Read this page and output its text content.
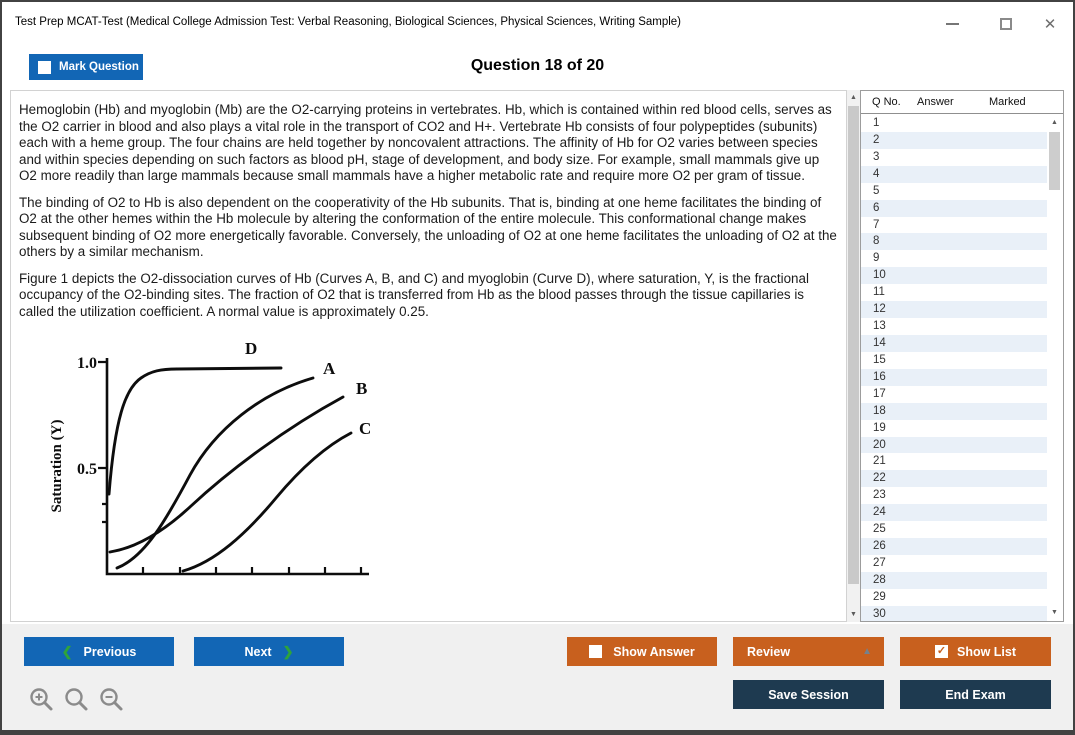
Test Prep MCAT-Test (Medical College Admission Test: Verbal Reasoning, Biological Sciences, Physical Sciences, Writing Sample)	✕
Mark Question	Question 18 of 20

Hemoglobin (Hb) and myoglobin (Mb) are the O2-carrying proteins in vertebrates. Hb, which is contained within red blood cells, serves as the O2 carrier in blood and also plays a vital role in the transport of CO2 and H+. Vertebrate Hb consists of four polypeptides (subunits) each with a heme group. The four chains are held together by noncovalent attractions. The affinity of Hb for O2 varies between species and within species depending on such factors as blood pH, stage of development, and body size. For example, small mammals give up O2 more readily than large mammals because small mammals have a higher metabolic rate and require more O2 per gram of tissue.

The binding of O2 to Hb is also dependent on the cooperativity of the Hb subunits. That is, binding at one heme facilitates the binding of O2 at the other hemes within the Hb molecule by altering the conformation of the entire molecule. This conformational change makes subsequent binding of O2 more energetically favorable. Conversely, the unloading of O2 at one heme facilitates the unloading of O2 at the others by a similar mechanism.

Figure 1 depicts the O2-dissociation curves of Hb (Curves A, B, and C) and myoglobin (Curve D), where saturation, Y, is the fractional occupancy of the O2-binding sites. The fraction of O2 that is transferred from Hb as the blood passes through the tissue capillaries is called the utilization coefficient. A normal value is approximately 0.25.

1.0
0.5
Saturation (Y)
D
A
B
C
▲
▼
Q No.	Answer	Marked
1
2
3
4
5
6
7
8
9
10
11
12
13
14
15
16
17
18
19
20
21
22
23
24
25
26
27
28
29
30
▲
▼
❮ Previous	Next ❯	Show Answer	Review	▲	✓ Show List
Save Session	End Exam
